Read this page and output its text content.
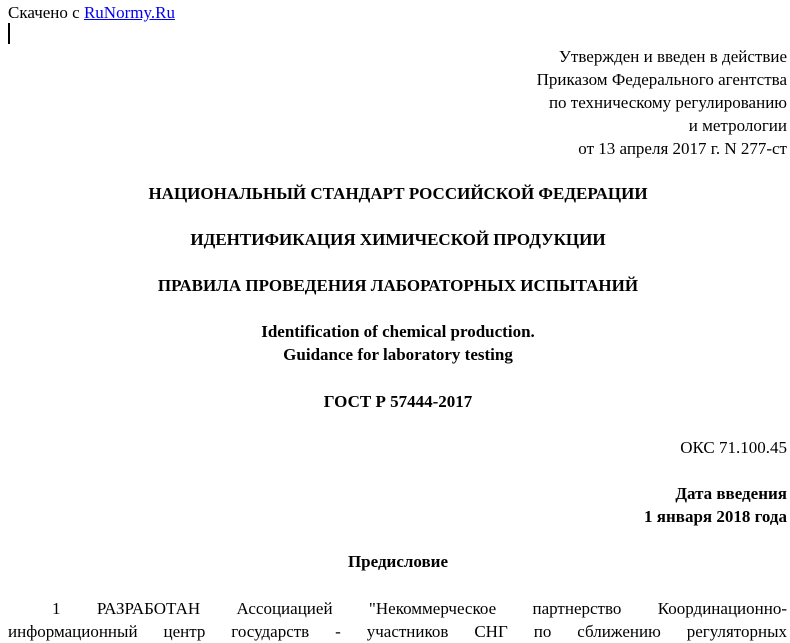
Скачено с RuNormy.Ru
Утвержден и введен в действие
Приказом Федерального агентства
по техническому регулированию
и метрологии
от 13 апреля 2017 г. N 277-ст
НАЦИОНАЛЬНЫЙ СТАНДАРТ РОССИЙСКОЙ ФЕДЕРАЦИИ
ИДЕНТИФИКАЦИЯ ХИМИЧЕСКОЙ ПРОДУКЦИИ
ПРАВИЛА ПРОВЕДЕНИЯ ЛАБОРАТОРНЫХ ИСПЫТАНИЙ
Identification of chemical production.
Guidance for laboratory testing
ГОСТ Р 57444-2017
ОКС 71.100.45
Дата введения
1 января 2018 года
Предисловие
1 РАЗРАБОТАН Ассоциацией "Некоммерческое партнерство Координационно-
информационный центр государств - участников СНГ по сближению регуляторных
